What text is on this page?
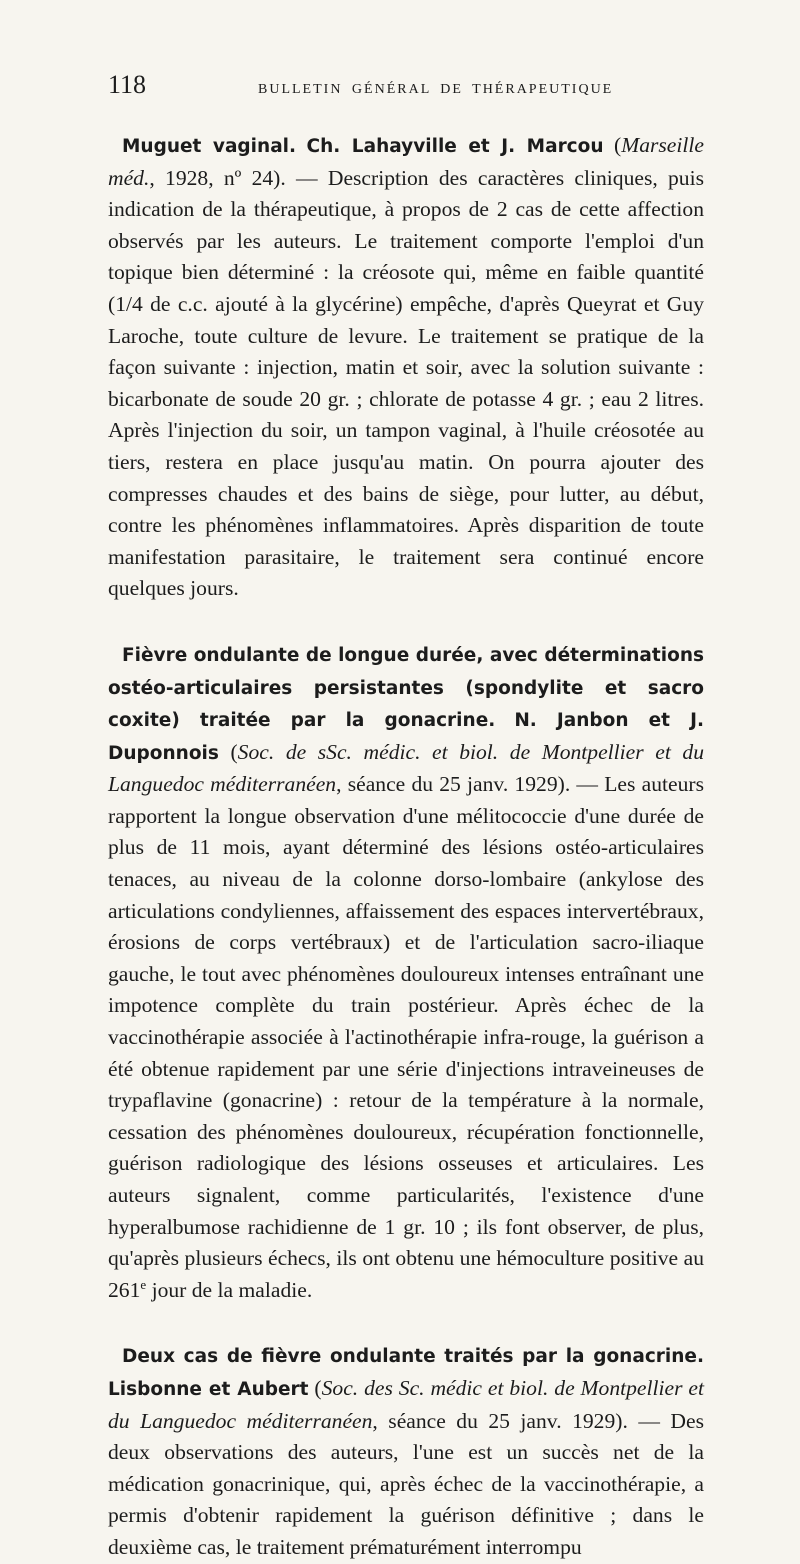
118	BULLETIN GÉNÉRAL DE THÉRAPEUTIQUE

Muguet vaginal. Ch. Lahayville et J. Marcou (Marseille méd., 1928, nº 24). — Description des caractères cliniques, puis indication de la thérapeutique, à propos de 2 cas de cette affection observés par les auteurs. Le traitement comporte l'emploi d'un topique bien déterminé : la créosote qui, même en faible quantité (1/4 de c.c. ajouté à la glycérine) empêche, d'après Queyrat et Guy Laroche, toute culture de levure. Le traitement se pratique de la façon suivante : injection, matin et soir, avec la solution suivante : bicarbonate de soude 20 gr. ; chlorate de potasse 4 gr. ; eau 2 litres. Après l'injection du soir, un tampon vaginal, à l'huile créosotée au tiers, restera en place jusqu'au matin. On pourra ajouter des compresses chaudes et des bains de siège, pour lutter, au début, contre les phénomènes inflammatoires. Après disparition de toute manifestation parasitaire, le traitement sera continué encore quelques jours.

Fièvre ondulante de longue durée, avec déterminations ostéo-articulaires persistantes (spondylite et sacro coxite) traitée par la gonacrine. N. Janbon et J. Duponnois (Soc. de sSc. médic. et biol. de Montpellier et du Languedoc méditerranéen, séance du 25 janv. 1929). — Les auteurs rapportent la longue observation d'une mélitococcie d'une durée de plus de 11 mois, ayant déterminé des lésions ostéo-articulaires tenaces, au niveau de la colonne dorso-lombaire (ankylose des articulations condyliennes, affaissement des espaces intervertébraux, érosions de corps vertébraux) et de l'articulation sacro-iliaque gauche, le tout avec phénomènes douloureux intenses entraînant une impotence complète du train postérieur. Après échec de la vaccinothérapie associée à l'actinothérapie infra-rouge, la guérison a été obtenue rapidement par une série d'injections intraveineuses de trypaflavine (gonacrine) : retour de la température à la normale, cessation des phénomènes douloureux, récupération fonctionnelle, guérison radiologique des lésions osseuses et articulaires. Les auteurs signalent, comme particularités, l'existence d'une hyperalbumose rachidienne de 1 gr. 10 ; ils font observer, de plus, qu'après plusieurs échecs, ils ont obtenu une hémoculture positive au 261e jour de la maladie.

Deux cas de fièvre ondulante traités par la gonacrine. Lisbonne et Aubert (Soc. des Sc. médic et biol. de Montpellier et du Languedoc méditerranéen, séance du 25 janv. 1929). — Des deux observations des auteurs, l'une est un succès net de la médication gonacrinique, qui, après échec de la vaccinothérapie, a permis d'obtenir rapidement la guérison définitive ; dans le deuxième cas, le traitement prématurément interrompu
